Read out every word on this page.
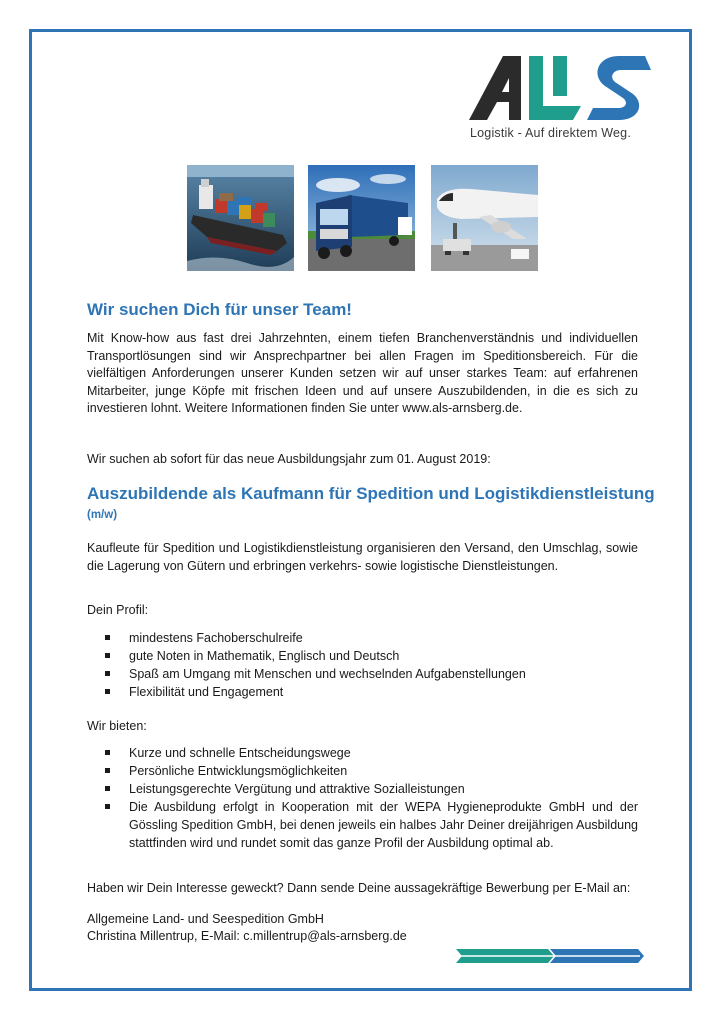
Logistik - Auf direktem Weg.
Wir suchen Dich für unser Team!

Mit Know-how aus fast drei Jahrzehnten, einem tiefen Branchenverständnis und individuellen Transportlösungen sind wir Ansprechpartner bei allen Fragen im Speditionsbereich. Für die vielfältigen Anforderungen unserer Kunden setzen wir auf unser starkes Team: auf erfahrenen Mitarbeiter, junge Köpfe mit frischen Ideen und auf unsere Auszubildenden, in die es sich zu investieren lohnt. Weitere Informationen finden Sie unter www.als-arnsberg.de.

Wir suchen ab sofort für das neue Ausbildungsjahr zum 01. August 2019:

Auszubildende als Kaufmann für Spedition und Logistikdienstleistung
(m/w)

Kaufleute für Spedition und Logistikdienstleistung organisieren den Versand, den Umschlag, sowie die Lagerung von Gütern und erbringen verkehrs- sowie logistische Dienstleistungen.

Dein Profil:

mindestens Fachoberschulreife
gute Noten in Mathematik, Englisch und Deutsch
Spaß am Umgang mit Menschen und wechselnden Aufgabenstellungen
Flexibilität und Engagement

Wir bieten:

Kurze und schnelle Entscheidungswege
Persönliche Entwicklungsmöglichkeiten
Leistungsgerechte Vergütung und attraktive Sozialleistungen
Die Ausbildung erfolgt in Kooperation mit der WEPA Hygieneprodukte GmbH und der Gössling Spedition GmbH, bei denen jeweils ein halbes Jahr Deiner dreijährigen Ausbildung stattfinden wird und rundet somit das ganze Profil der Ausbildung optimal ab.

Haben wir Dein Interesse geweckt? Dann sende Deine aussagekräftige Bewerbung per E-Mail an:

Allgemeine Land- und Seespedition GmbH
Christina Millentrup, E-Mail: c.millentrup@als-arnsberg.de
